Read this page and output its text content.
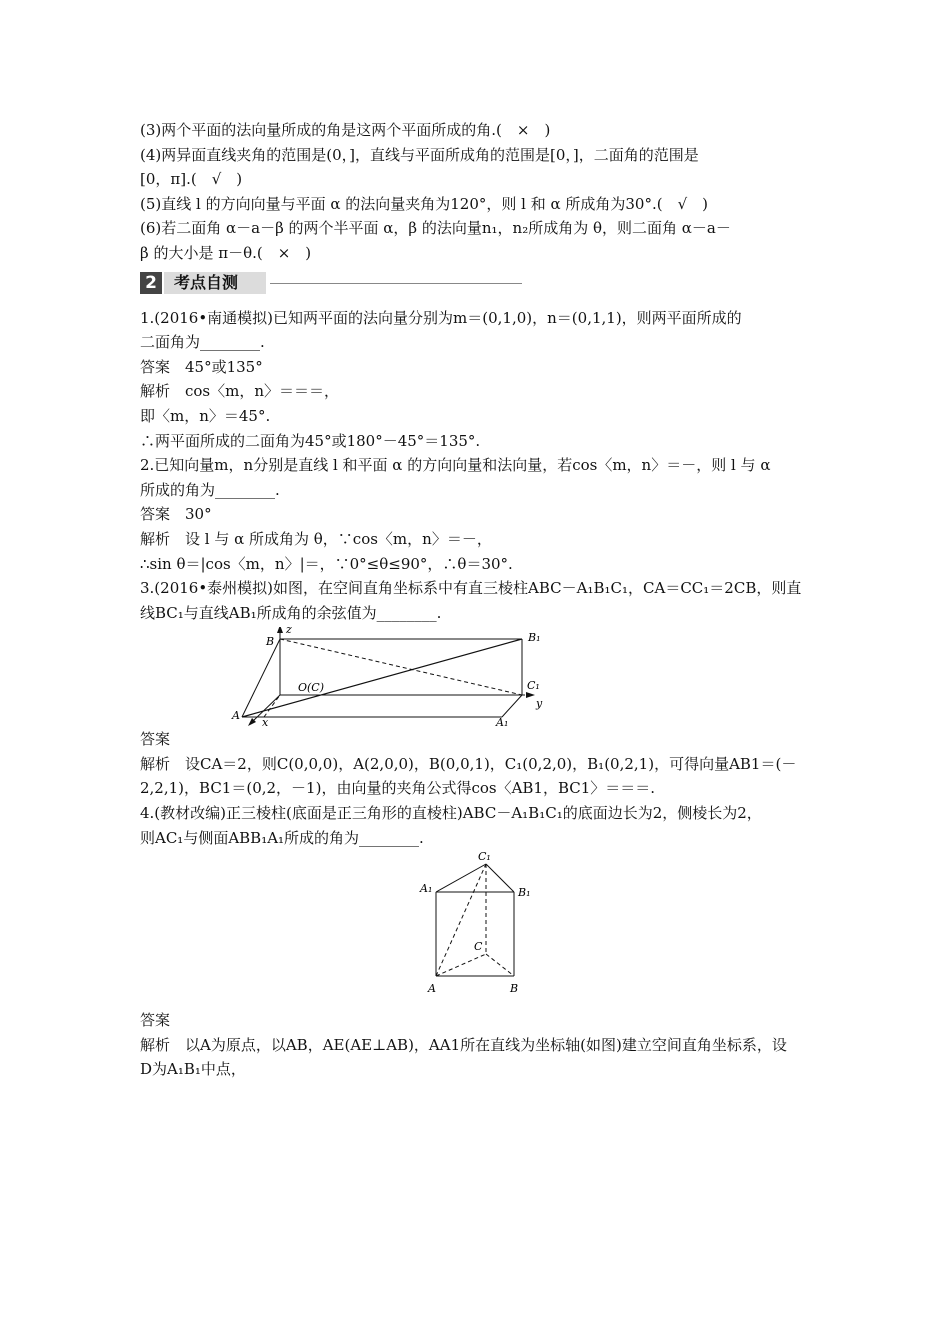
(3)两个平面的法向量所成的角是这两个平面所成的角.(　×　)
(4)两异面直线夹角的范围是(0，]，直线与平面所成角的范围是[0，]，二面角的范围是
[0，π].(　√　)
(5)直线 l 的方向向量与平面 α 的法向量夹角为120°，则 l 和 α 所成角为30°.(　√　)
(6)若二面角 α－a－β 的两个半平面 α，β 的法向量n₁，n₂所成角为 θ，则二面角 α－a－
β 的大小是 π－θ.(　×　)
2	考点自测
1.(2016•南通模拟)已知两平面的法向量分别为m＝(0,1,0)，n＝(0,1,1)，则两平面所成的
二面角为________.
答案　45°或135°
解析　cos〈m，n〉＝＝＝，
即〈m，n〉＝45°.
∴两平面所成的二面角为45°或180°－45°＝135°.
2.已知向量m，n分别是直线 l 和平面 α 的方向向量和法向量，若cos〈m，n〉＝－，则 l 与 α
所成的角为________.
答案　30°
解析　设 l 与 α 所成角为 θ，∵cos〈m，n〉＝－，
∴sin θ＝|cos〈m，n〉|＝，∵0°≤θ≤90°，∴θ＝30°.
3.(2016•泰州模拟)如图，在空间直角坐标系中有直三棱柱ABC－A₁B₁C₁，CA＝CC₁＝2CB，则直
线BC₁与直线AB₁所成角的余弦值为________.
B
z
B₁
O(C)	C₁
y
A
x	A₁
答案
解析　设CA＝2，则C(0,0,0)，A(2,0,0)，B(0,0,1)，C₁(0,2,0)，B₁(0,2,1)，可得向量AB1＝(－
2,2,1)，BC1＝(0,2，－1)，由向量的夹角公式得cos〈AB1，BC1〉＝＝＝.
4.(教材改编)正三棱柱(底面是正三角形的直棱柱)ABC－A₁B₁C₁的底面边长为2，侧棱长为2，
则AC₁与侧面ABB₁A₁所成的角为________.
C₁
A₁	B₁
C
A	B
答案
解析　以A为原点，以AB，AE(AE⊥AB)，AA1所在直线为坐标轴(如图)建立空间直角坐标系，设
D为A₁B₁中点，
